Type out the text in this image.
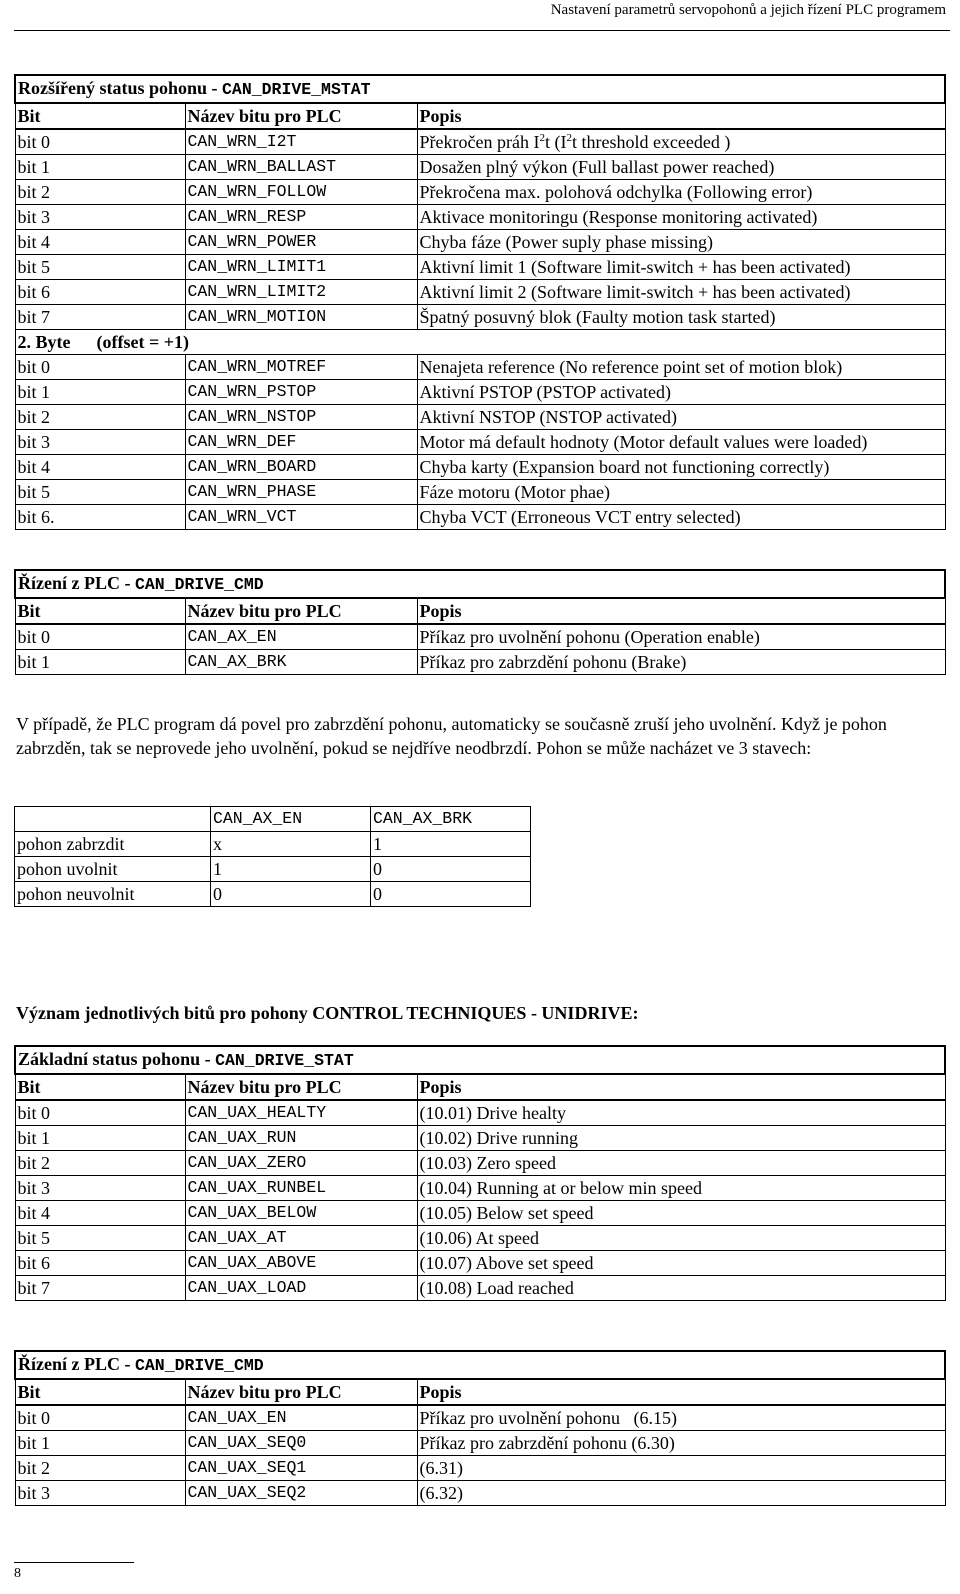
Nastavení parametrů servopohonů a jejich řízení PLC programem
Rozšířený status pohonu - CAN_DRIVE_MSTAT		
Bit	Název bitu pro PLC	Popis
bit 0	CAN_WRN_I2T	Překročen práh $I^2t$ ($I^2t$ threshold exceeded )
bit 1	CAN_WRN_BALLAST	Dosažen plný výkon (Full ballast power reached)
bit 2	CAN_WRN_FOLLOW	Překročena max. polohová odchylka (Following error)
bit 3	CAN_WRN_RESP	Aktivace monitoringu (Response monitoring activated)
bit 4	CAN_WRN_POWER	Chyba fáze (Power suply phase missing)
bit 5	CAN_WRN_LIMIT1	Aktivní limit 1 (Software limit-switch + has been activated)
bit 6	CAN_WRN_LIMIT2	Aktivní limit 2 (Software limit-switch + has been activated)
bit 7	CAN_WRN_MOTION	Špatný posuvný blok (Faulty motion task started)
2. Byte (offset = +1)		
bit 0	CAN_WRN_MOTREF	Nenajeta reference (No reference point set of motion blok)
bit 1	CAN_WRN_PSTOP	Aktivní PSTOP (PSTOP activated)
bit 2	CAN_WRN_NSTOP	Aktivní NSTOP (NSTOP activated)
bit 3	CAN_WRN_DEF	Motor má default hodnoty (Motor default values were loaded)
bit 4	CAN_WRN_BOARD	Chyba karty (Expansion board not functioning correctly)
bit 5	CAN_WRN_PHASE	Fáze motoru (Motor phae)
bit 6.	CAN_WRN_VCT	Chyba VCT (Erroneous VCT entry selected)
Řízení z PLC - CAN_DRIVE_CMD		
Bit	Název bitu pro PLC	Popis
bit 0	CAN_AX_EN	Příkaz pro uvolnění pohonu (Operation enable)
bit 1	CAN_AX_BRK	Příkaz pro zabrzdění pohonu (Brake)
V případě, že PLC program dá povel pro zabrzdění pohonu, automaticky se současně zruší jeho uvolnění. Když je pohon zabrzděn, tak se neprovede jeho uvolnění, pokud se nejdříve neodbrzdí. Pohon se může nacházet ve 3 stavech:
	CAN_AX_EN	CAN_AX_BRK
pohon zabrzdit	x	1
pohon uvolnit	1	0
pohon neuvolnit	0	0
Význam jednotlivých bitů pro pohony CONTROL TECHNIQUES - UNIDRIVE:
Základní status pohonu - CAN_DRIVE_STAT		
Bit	Název bitu pro PLC	Popis
bit 0	CAN_UAX_HEALTY	(10.01) Drive healty
bit 1	CAN_UAX_RUN	(10.02) Drive running
bit 2	CAN_UAX_ZERO	(10.03) Zero speed
bit 3	CAN_UAX_RUNBEL	(10.04) Running at or below min speed
bit 4	CAN_UAX_BELOW	(10.05) Below set speed
bit 5	CAN_UAX_AT	(10.06) At speed
bit 6	CAN_UAX_ABOVE	(10.07) Above set speed
bit 7	CAN_UAX_LOAD	(10.08) Load reached
Řízení z PLC - CAN_DRIVE_CMD		
Bit	Název bitu pro PLC	Popis
bit 0	CAN_UAX_EN	Příkaz pro uvolnění pohonu   (6.15)
bit 1	CAN_UAX_SEQ0	Příkaz pro zabrzdění pohonu (6.30)
bit 2	CAN_UAX_SEQ1	(6.31)
bit 3	CAN_UAX_SEQ2	(6.32)
8
